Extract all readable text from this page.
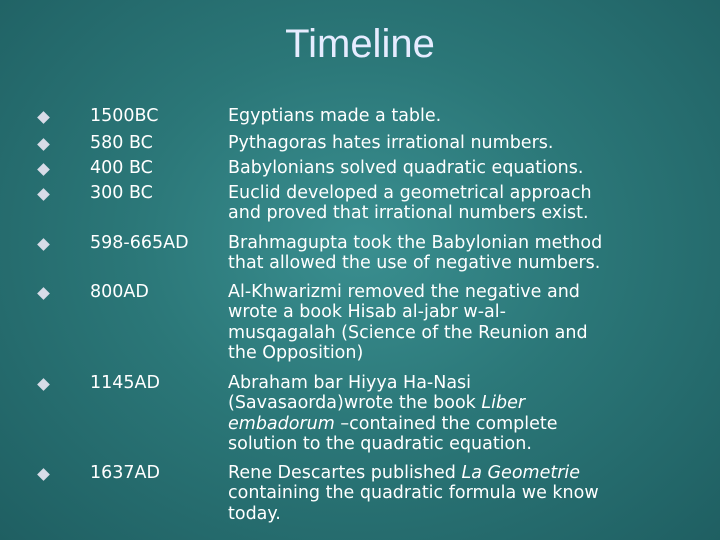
Timeline
1500BC	Egyptians made a table.
580 BC	Pythagoras hates irrational numbers.
400 BC	Babylonians solved quadratic equations.
300 BC	Euclid developed a geometrical approach
and proved that irrational numbers exist.
598-665AD Brahmagupta took the Babylonian method
that allowed the use of negative numbers.
800AD	Al-Khwarizmi removed the negative and
wrote a book Hisab al-jabr w-al-
musqagalah (Science of the Reunion and
the Opposition)
1145AD	Abraham bar Hiyya Ha-Nasi
(Savasaorda)wrote the book Liber
embadorum –contained the complete
solution to the quadratic equation.
1637AD	Rene Descartes published La Geometrie
containing the quadratic formula we know
today.
